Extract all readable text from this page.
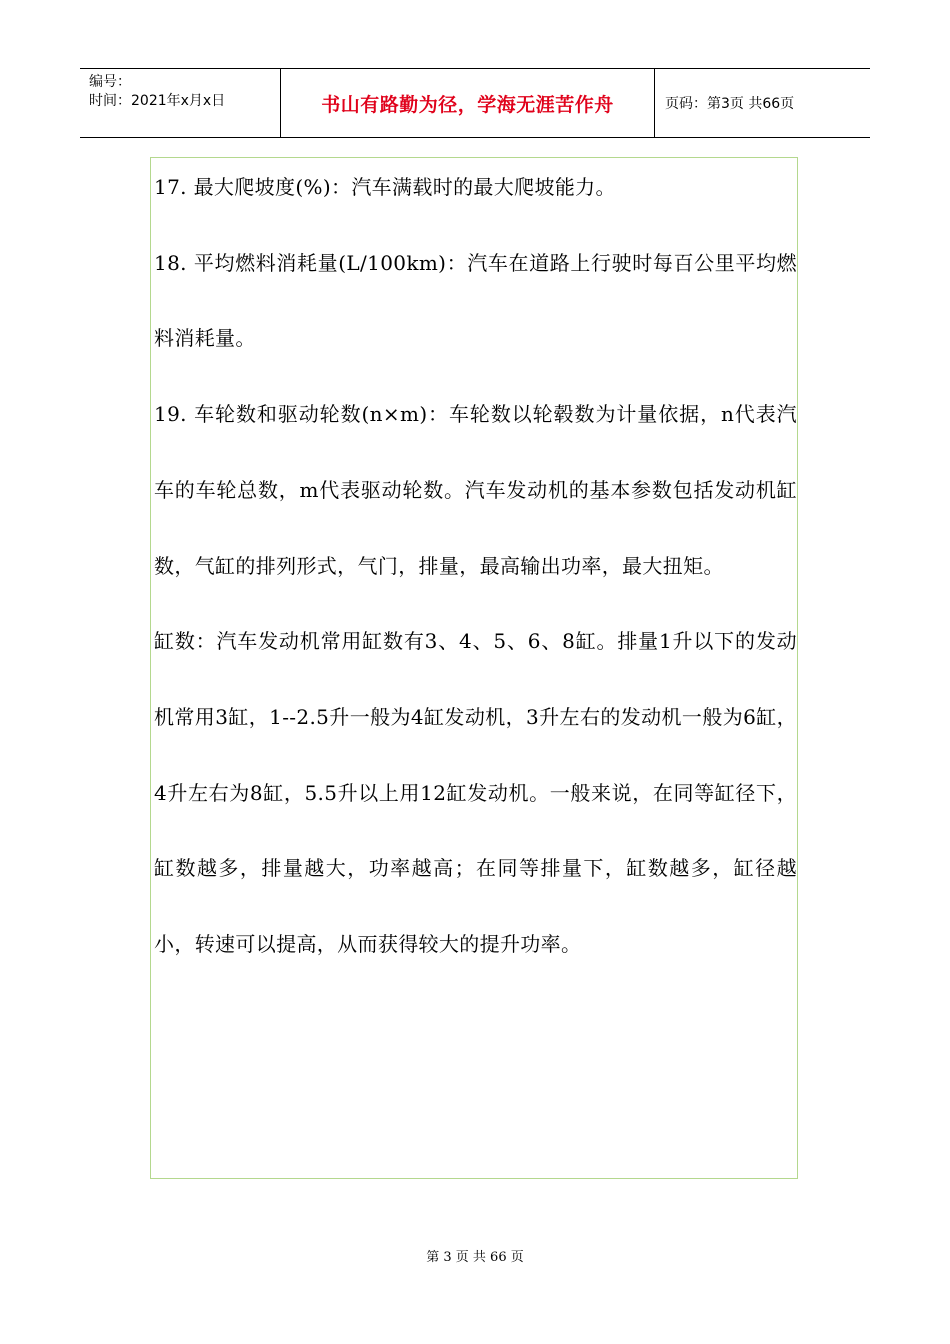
编号：
时间：2021年x月x日	书山有路勤为径，学海无涯苦作舟	页码：第3页 共66页

17. 最大爬坡度(%)：汽车满载时的最大爬坡能力。

18. 平均燃料消耗量(L/100km)：汽车在道路上行驶时每百公里平均燃料消耗量。

19. 车轮数和驱动轮数(n×m)：车轮数以轮毂数为计量依据，n代表汽车的车轮总数，m代表驱动轮数。汽车发动机的基本参数包括发动机缸数，气缸的排列形式，气门，排量，最高输出功率，最大扭矩。

缸数：汽车发动机常用缸数有3、4、5、6、8缸。排量1升以下的发动机常用3缸，1--2.5升一般为4缸发动机，3升左右的发动机一般为6缸，4升左右为8缸，5.5升以上用12缸发动机。一般来说，在同等缸径下，缸数越多，排量越大，功率越高；在同等排量下，缸数越多，缸径越小，转速可以提高，从而获得较大的提升功率。

第 3 页 共 66 页
